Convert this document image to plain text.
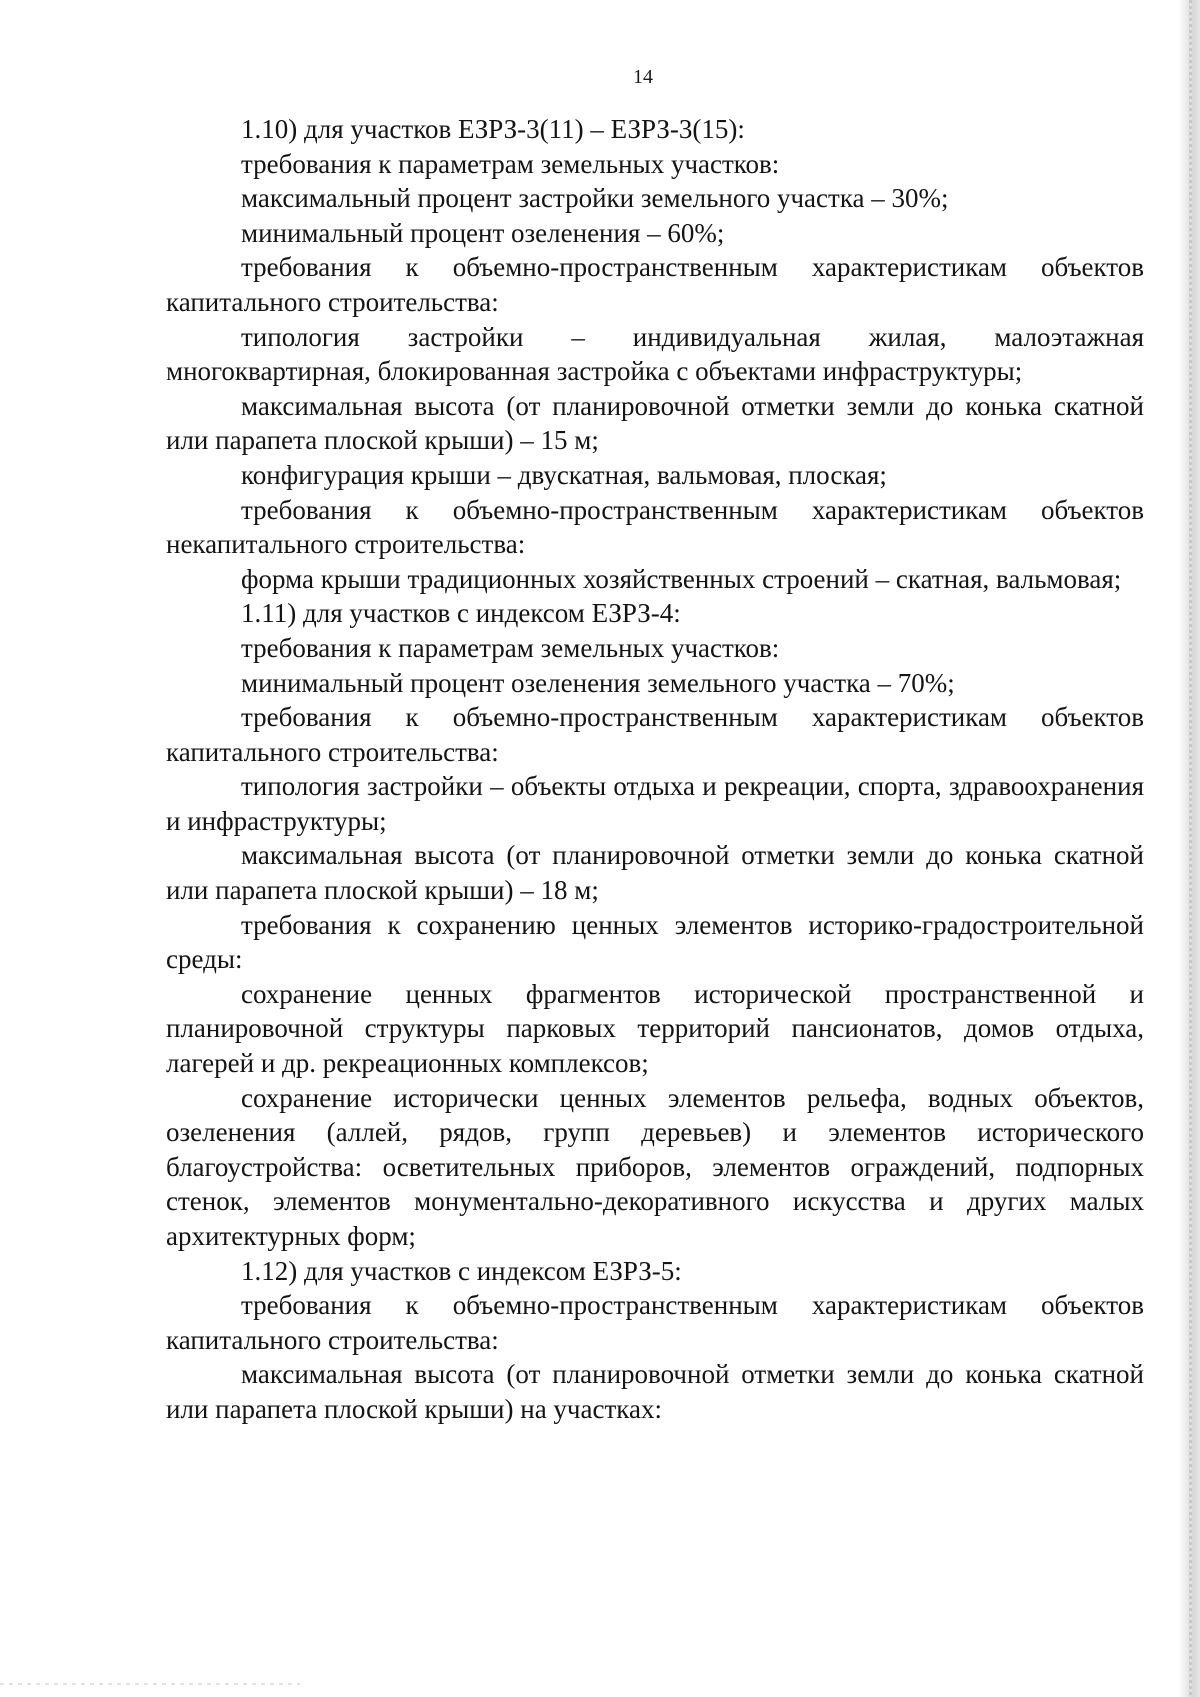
14

1.10) для участков ЕЗРЗ-3(11) – ЕЗРЗ-3(15):

требования к параметрам земельных участков:

максимальный процент застройки земельного участка – 30%;

минимальный процент озеленения – 60%;

требования к объемно-пространственным характеристикам объектов капитального строительства:

типология застройки – индивидуальная жилая, малоэтажная многоквартирная, блокированная застройка с объектами инфраструктуры;

максимальная высота (от планировочной отметки земли до конька скатной или парапета плоской крыши) – 15 м;

конфигурация крыши – двускатная, вальмовая, плоская;

требования к объемно-пространственным характеристикам объектов некапитального строительства:

форма крыши традиционных хозяйственных строений – скатная, вальмовая;

1.11) для участков с индексом ЕЗРЗ-4:

требования к параметрам земельных участков:

минимальный процент озеленения земельного участка – 70%;

требования к объемно-пространственным характеристикам объектов капитального строительства:

типология застройки – объекты отдыха и рекреации, спорта, здравоохранения и инфраструктуры;

максимальная высота (от планировочной отметки земли до конька скатной или парапета плоской крыши) – 18 м;

требования к сохранению ценных элементов историко-градостроительной среды:

сохранение ценных фрагментов исторической пространственной и планировочной структуры парковых территорий пансионатов, домов отдыха, лагерей и др. рекреационных комплексов;

сохранение исторически ценных элементов рельефа, водных объектов, озеленения (аллей, рядов, групп деревьев) и элементов исторического благоустройства: осветительных приборов, элементов ограждений, подпорных стенок, элементов монументально-декоративного искусства и других малых архитектурных форм;

1.12) для участков с индексом ЕЗРЗ-5:

требования к объемно-пространственным характеристикам объектов капитального строительства:

максимальная высота (от планировочной отметки земли до конька скатной или парапета плоской крыши) на участках:
